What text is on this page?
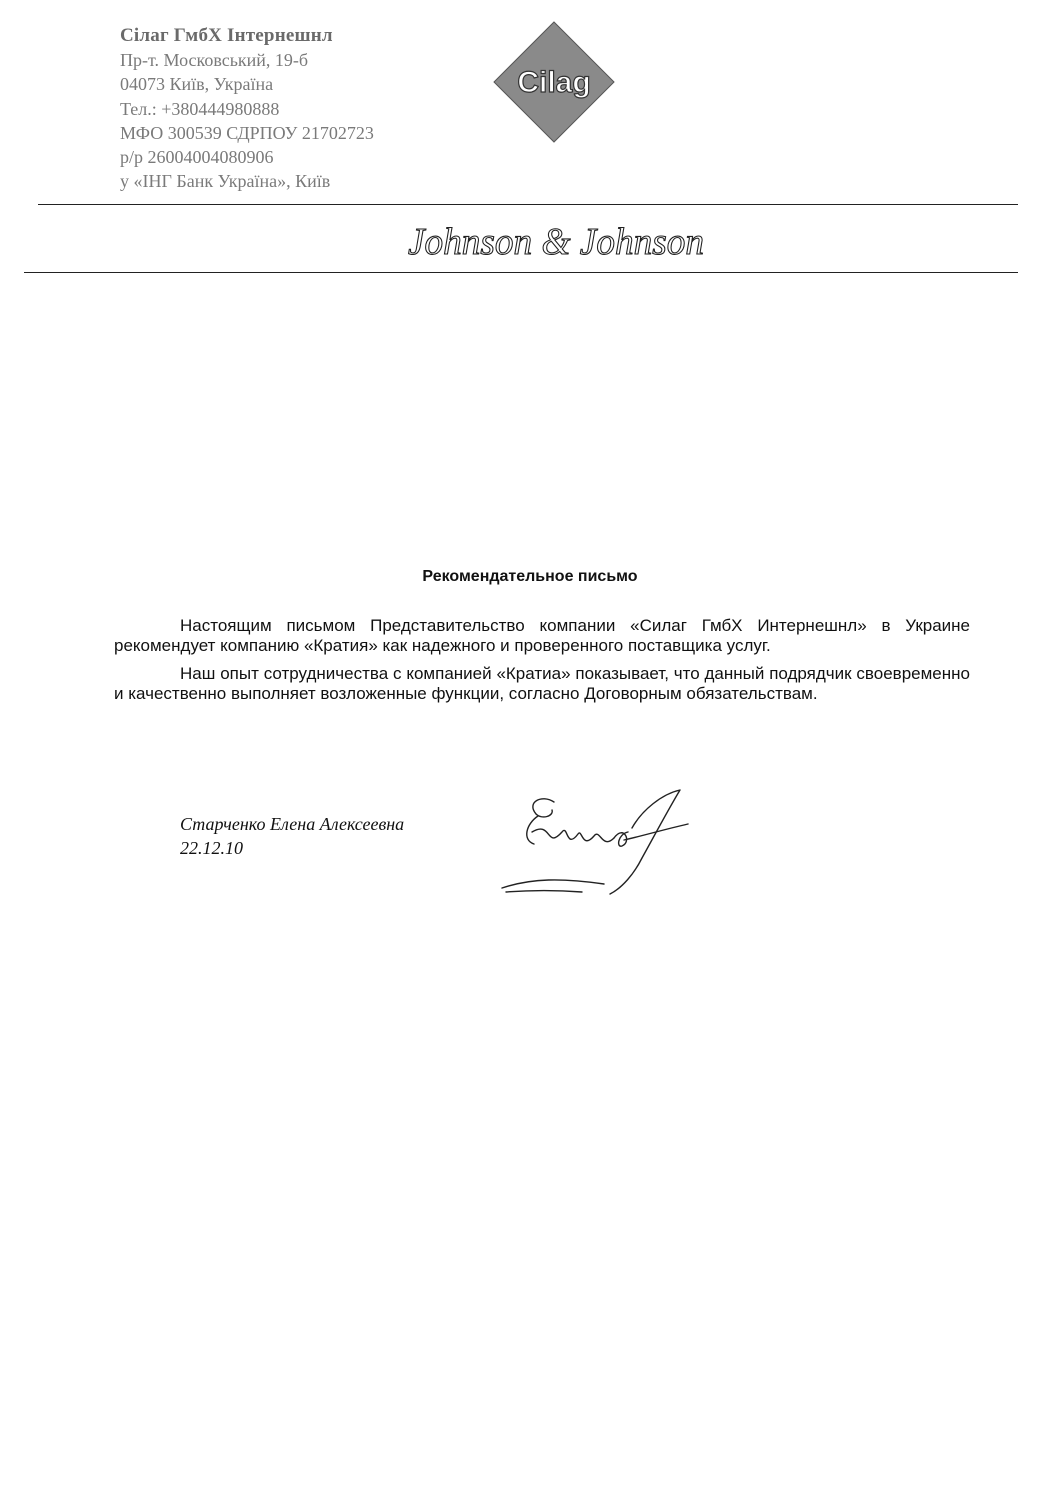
Сілаг ГмбХ Інтернешнл
Пр-т. Московський, 19-б
04073 Київ, Україна
Тел.: +380444980888
МФО 300539 СДРПОУ 21702723
р/р 26004004080906
у «ІНГ Банк Україна», Київ
Cilag
Johnson & Johnson
Рекомендательное письмо

Настоящим письмом Представительство компании «Силаг ГмбХ Интернешнл» в Украине рекомендует компанию «Кратия» как надежного и проверенного поставщика услуг.

Наш опыт сотрудничества с компанией «Кратиа» показывает, что данный подрядчик своевременно и качественно выполняет возложенные функции, согласно Договорным обязательствам.

Старченко Елена Алексеевна
22.12.10
